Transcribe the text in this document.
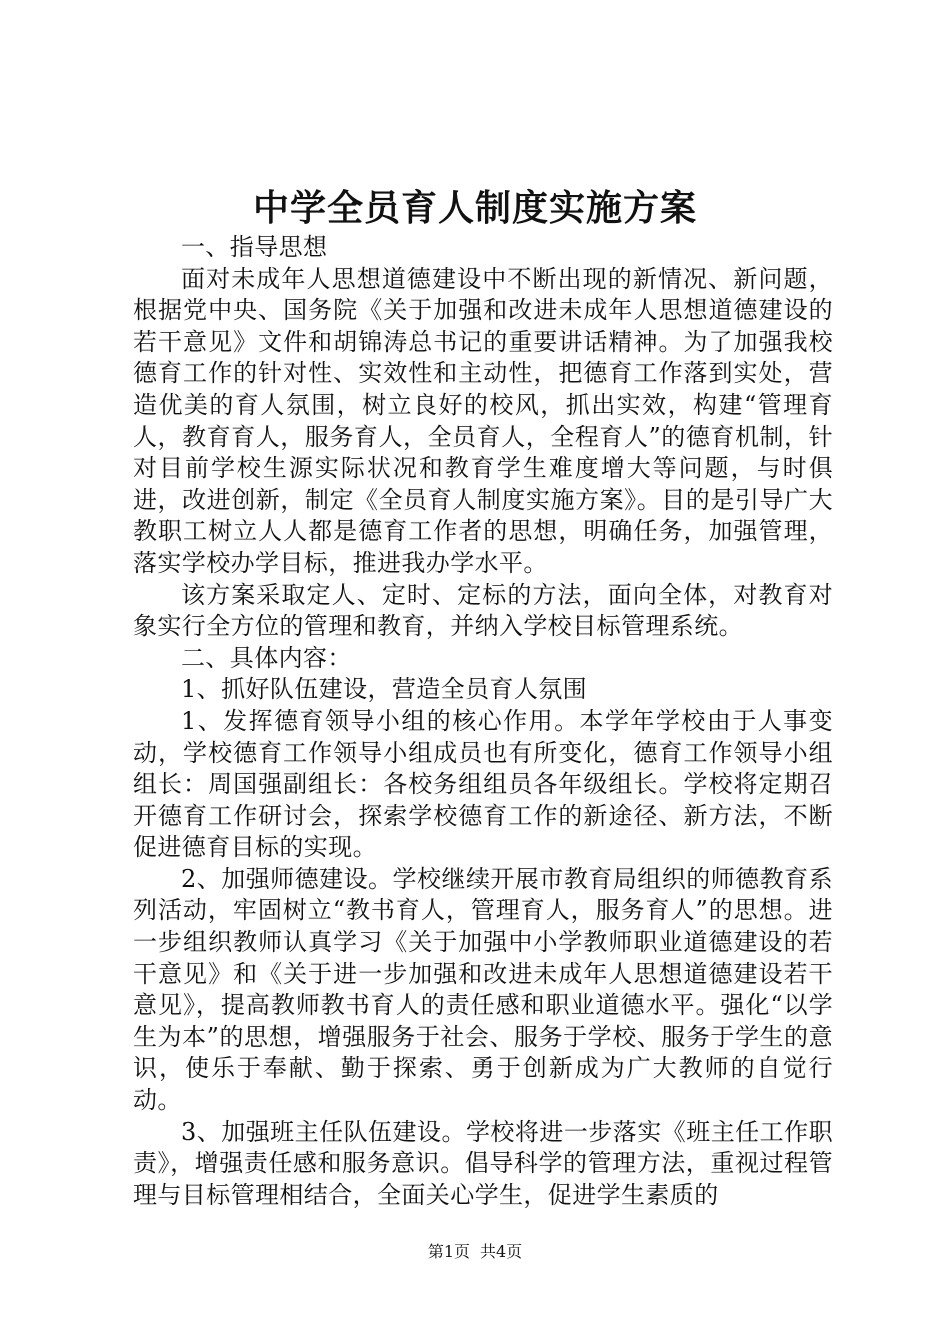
中学全员育人制度实施方案

一、指导思想

面对未成年人思想道德建设中不断出现的新情况、新问题，根据党中央、国务院《关于加强和改进未成年人思想道德建设的若干意见》文件和胡锦涛总书记的重要讲话精神。为了加强我校德育工作的针对性、实效性和主动性，把德育工作落到实处，营造优美的育人氛围，树立良好的校风，抓出实效，构建“管理育人，教育育人，服务育人，全员育人，全程育人”的德育机制，针对目前学校生源实际状况和教育学生难度增大等问题，与时俱进，改进创新，制定《全员育人制度实施方案》。目的是引导广大教职工树立人人都是德育工作者的思想，明确任务，加强管理，落实学校办学目标，推进我办学水平。

该方案采取定人、定时、定标的方法，面向全体，对教育对象实行全方位的管理和教育，并纳入学校目标管理系统。

二、具体内容：

1、抓好队伍建设，营造全员育人氛围

1、发挥德育领导小组的核心作用。本学年学校由于人事变动，学校德育工作领导小组成员也有所变化，德育工作领导小组组长：周国强副组长：各校务组组员各年级组长。学校将定期召开德育工作研讨会，探索学校德育工作的新途径、新方法，不断促进德育目标的实现。

2、加强师德建设。学校继续开展市教育局组织的师德教育系列活动，牢固树立“教书育人，管理育人，服务育人”的思想。进一步组织教师认真学习《关于加强中小学教师职业道德建设的若干意见》和《关于进一步加强和改进未成年人思想道德建设若干意见》，提高教师教书育人的责任感和职业道德水平。强化“以学生为本”的思想，增强服务于社会、服务于学校、服务于学生的意识，使乐于奉献、勤于探索、勇于创新成为广大教师的自觉行动。

3、加强班主任队伍建设。学校将进一步落实《班主任工作职责》，增强责任感和服务意识。倡导科学的管理方法，重视过程管理与目标管理相结合，全面关心学生，促进学生素质的

第1页 共4页
